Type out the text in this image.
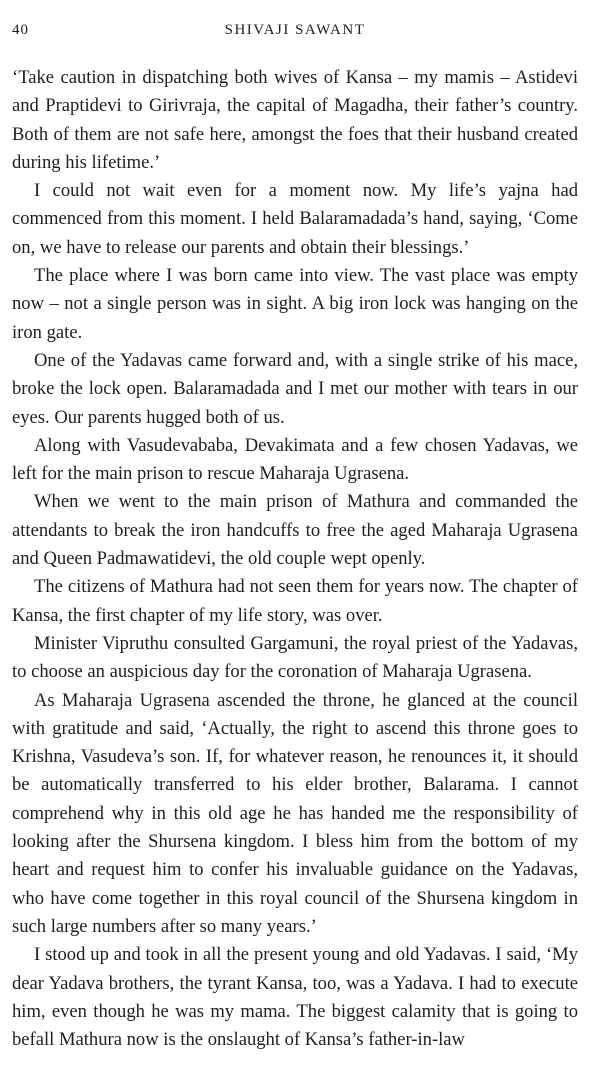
40	SHIVAJI SAWANT

‘Take caution in dispatching both wives of Kansa – my mamis – Astidevi and Praptidevi to Girivraja, the capital of Magadha, their father’s country. Both of them are not safe here, amongst the foes that their husband created during his lifetime.’

I could not wait even for a moment now. My life’s yajna had commenced from this moment. I held Balaramadada’s hand, saying, ‘Come on, we have to release our parents and obtain their blessings.’

The place where I was born came into view. The vast place was empty now – not a single person was in sight. A big iron lock was hanging on the iron gate.

One of the Yadavas came forward and, with a single strike of his mace, broke the lock open. Balaramadada and I met our mother with tears in our eyes. Our parents hugged both of us.

Along with Vasudevababa, Devakimata and a few chosen Yadavas, we left for the main prison to rescue Maharaja Ugrasena.

When we went to the main prison of Mathura and commanded the attendants to break the iron handcuffs to free the aged Maharaja Ugrasena and Queen Padmawatidevi, the old couple wept openly.

The citizens of Mathura had not seen them for years now. The chapter of Kansa, the first chapter of my life story, was over.

Minister Vipruthu consulted Gargamuni, the royal priest of the Yadavas, to choose an auspicious day for the coronation of Maharaja Ugrasena.

As Maharaja Ugrasena ascended the throne, he glanced at the council with gratitude and said, ‘Actually, the right to ascend this throne goes to Krishna, Vasudeva’s son. If, for whatever reason, he renounces it, it should be automatically transferred to his elder brother, Balarama. I cannot comprehend why in this old age he has handed me the responsibility of looking after the Shursena kingdom. I bless him from the bottom of my heart and request him to confer his invaluable guidance on the Yadavas, who have come together in this royal council of the Shursena kingdom in such large numbers after so many years.’

I stood up and took in all the present young and old Yadavas. I said, ‘My dear Yadava brothers, the tyrant Kansa, too, was a Yadava. I had to execute him, even though he was my mama. The biggest calamity that is going to befall Mathura now is the onslaught of Kansa’s father-in-law
